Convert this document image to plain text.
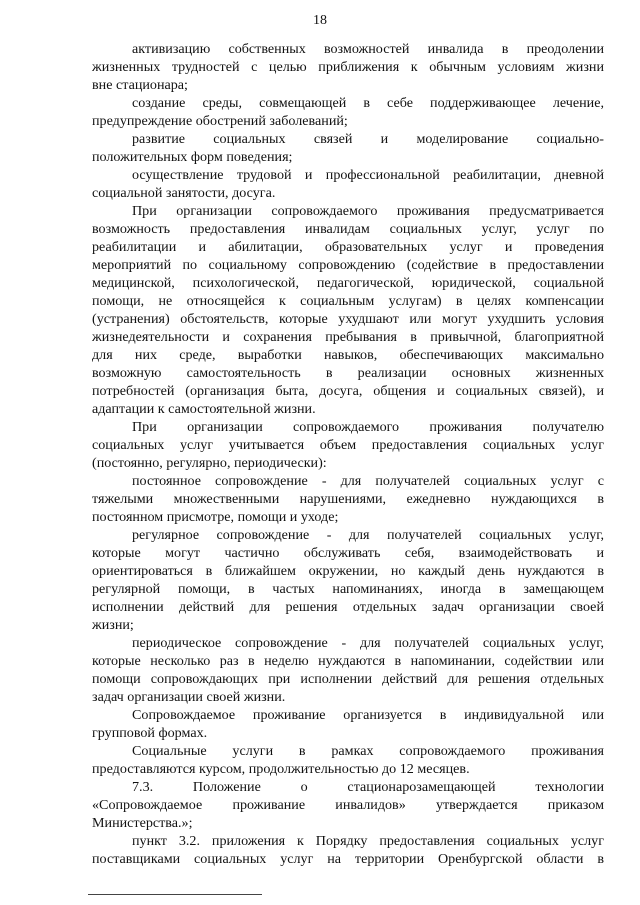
18

активизацию собственных возможностей инвалида в преодолении

жизненных трудностей с целью приближения к обычным условиям жизни

вне стационара;

создание среды, совмещающей в себе поддерживающее лечение,

предупреждение обострений заболеваний;

развитие социальных связей и моделирование социально-

положительных форм поведения;

осуществление трудовой и профессиональной реабилитации, дневной

социальной занятости, досуга.

При организации сопровождаемого проживания предусматривается

возможность предоставления инвалидам социальных услуг, услуг по

реабилитации и абилитации, образовательных услуг и проведения

мероприятий по социальному сопровождению (содействие в предоставлении

медицинской, психологической, педагогической, юридической, социальной

помощи, не относящейся к социальным услугам) в целях компенсации

(устранения) обстоятельств, которые ухудшают или могут ухудшить условия

жизнедеятельности и сохранения пребывания в привычной, благоприятной

для них среде, выработки навыков, обеспечивающих максимально

возможную самостоятельность в реализации основных жизненных

потребностей (организация быта, досуга, общения и социальных связей), и

адаптации к самостоятельной жизни.

При организации сопровождаемого проживания получателю

социальных услуг учитывается объем предоставления социальных услуг

(постоянно, регулярно, периодически):

постоянное сопровождение - для получателей социальных услуг с

тяжелыми множественными нарушениями, ежедневно нуждающихся в

постоянном присмотре, помощи и уходе;

регулярное сопровождение - для получателей социальных услуг,

которые могут частично обслуживать себя, взаимодействовать и

ориентироваться в ближайшем окружении, но каждый день нуждаются в

регулярной помощи, в частых напоминаниях, иногда в замещающем

исполнении действий для решения отдельных задач организации своей

жизни;

периодическое сопровождение - для получателей социальных услуг,

которые несколько раз в неделю нуждаются в напоминании, содействии или

помощи сопровождающих при исполнении действий для решения отдельных

задач организации своей жизни.

Сопровождаемое проживание организуется в индивидуальной или

групповой формах.

Социальные услуги в рамках сопровождаемого проживания

предоставляются курсом, продолжительностью до 12 месяцев.

7.3. Положение о стационарозамещающей технологии

«Сопровождаемое проживание инвалидов» утверждается приказом

Министерства.»;

пункт 3.2. приложения к Порядку предоставления социальных услуг

поставщиками социальных услуг на территории Оренбургской области в
